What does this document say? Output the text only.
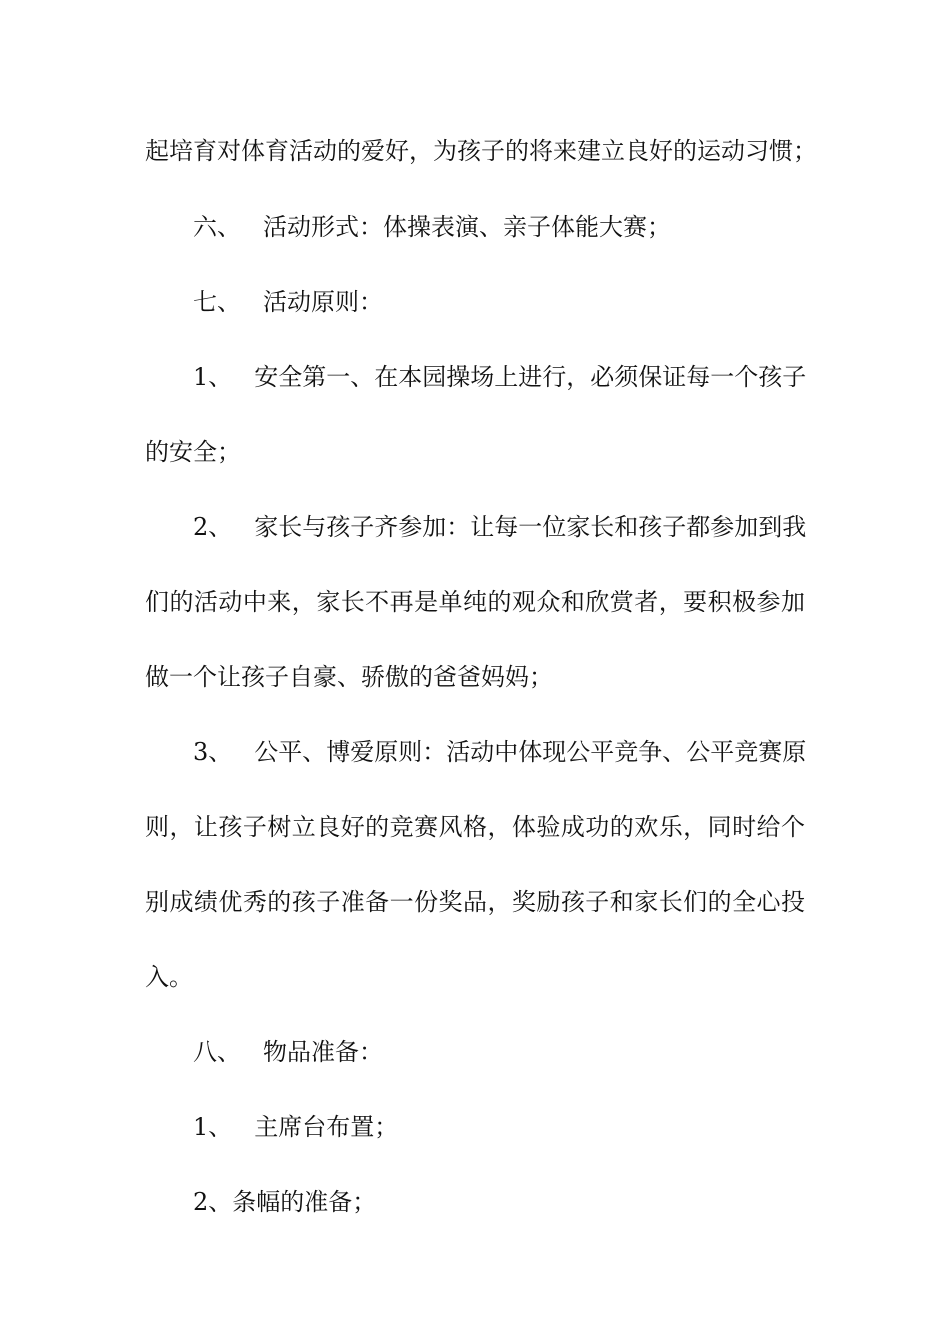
起培育对体育活动的爱好，为孩子的将来建立良好的运动习惯；
六、 活动形式：体操表演、亲子体能大赛；
七、 活动原则：
1、 安全第一、在本园操场上进行，必须保证每一个孩子
的安全；
2、 家长与孩子齐参加：让每一位家长和孩子都参加到我
们的活动中来，家长不再是单纯的观众和欣赏者，要积极参加
做一个让孩子自豪、骄傲的爸爸妈妈；
3、 公平、博爱原则：活动中体现公平竞争、公平竞赛原
则，让孩子树立良好的竞赛风格，体验成功的欢乐，同时给个
别成绩优秀的孩子准备一份奖品，奖励孩子和家长们的全心投
入。
八、 物品准备：
1、 主席台布置；
2、条幅的准备；
